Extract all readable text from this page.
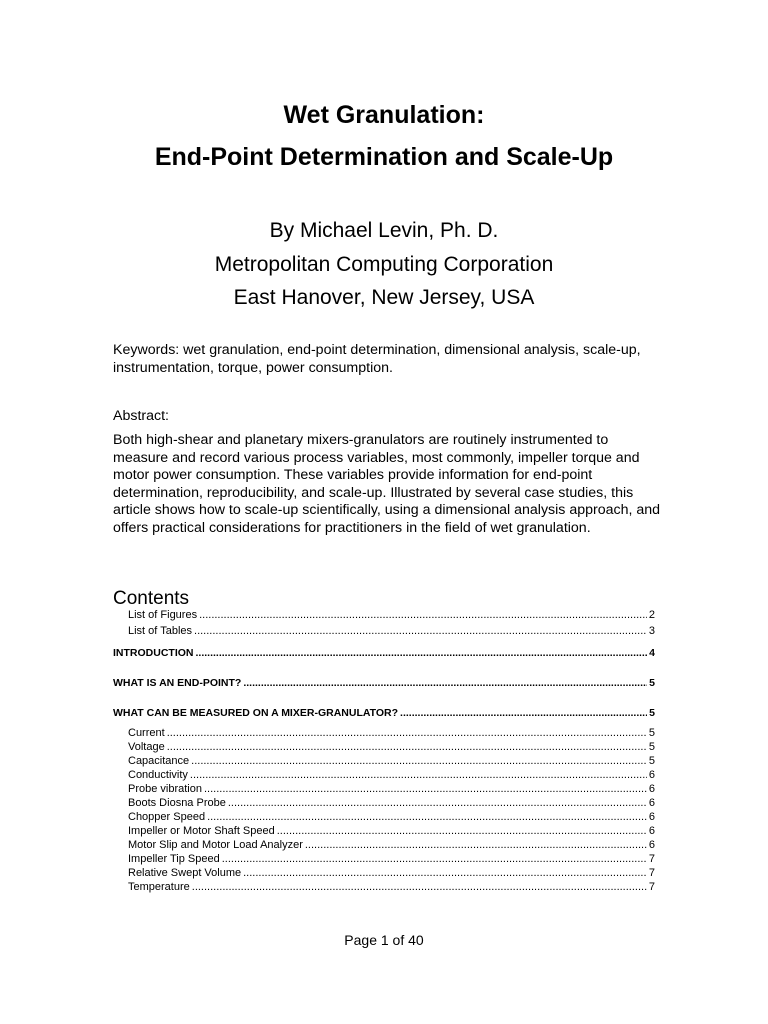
Wet Granulation:
End-Point Determination and Scale-Up
By Michael Levin, Ph. D.
Metropolitan Computing Corporation
East Hanover, New Jersey, USA
Keywords: wet granulation, end-point determination, dimensional analysis, scale-up, instrumentation, torque, power consumption.
Abstract:
Both high-shear and planetary mixers-granulators are routinely instrumented to measure and record various process variables, most commonly, impeller torque and motor power consumption. These variables provide information for end-point determination, reproducibility, and scale-up. Illustrated by several case studies, this article shows how to scale-up scientifically, using a dimensional analysis approach, and offers practical considerations for practitioners in the field of wet granulation.
Contents
List of Figures .....	2
List of Tables .....	3
INTRODUCTION .....	4
WHAT IS AN END-POINT? .....	5
WHAT CAN BE MEASURED ON A MIXER-GRANULATOR? .....	5
Current .....	5
Voltage .....	5
Capacitance .....	5
Conductivity .....	6
Probe vibration .....	6
Boots Diosna Probe .....	6
Chopper Speed .....	6
Impeller or Motor Shaft Speed .....	6
Motor Slip and Motor Load Analyzer .....	6
Impeller Tip Speed .....	7
Relative Swept Volume .....	7
Temperature .....	7
Page 1 of 40
